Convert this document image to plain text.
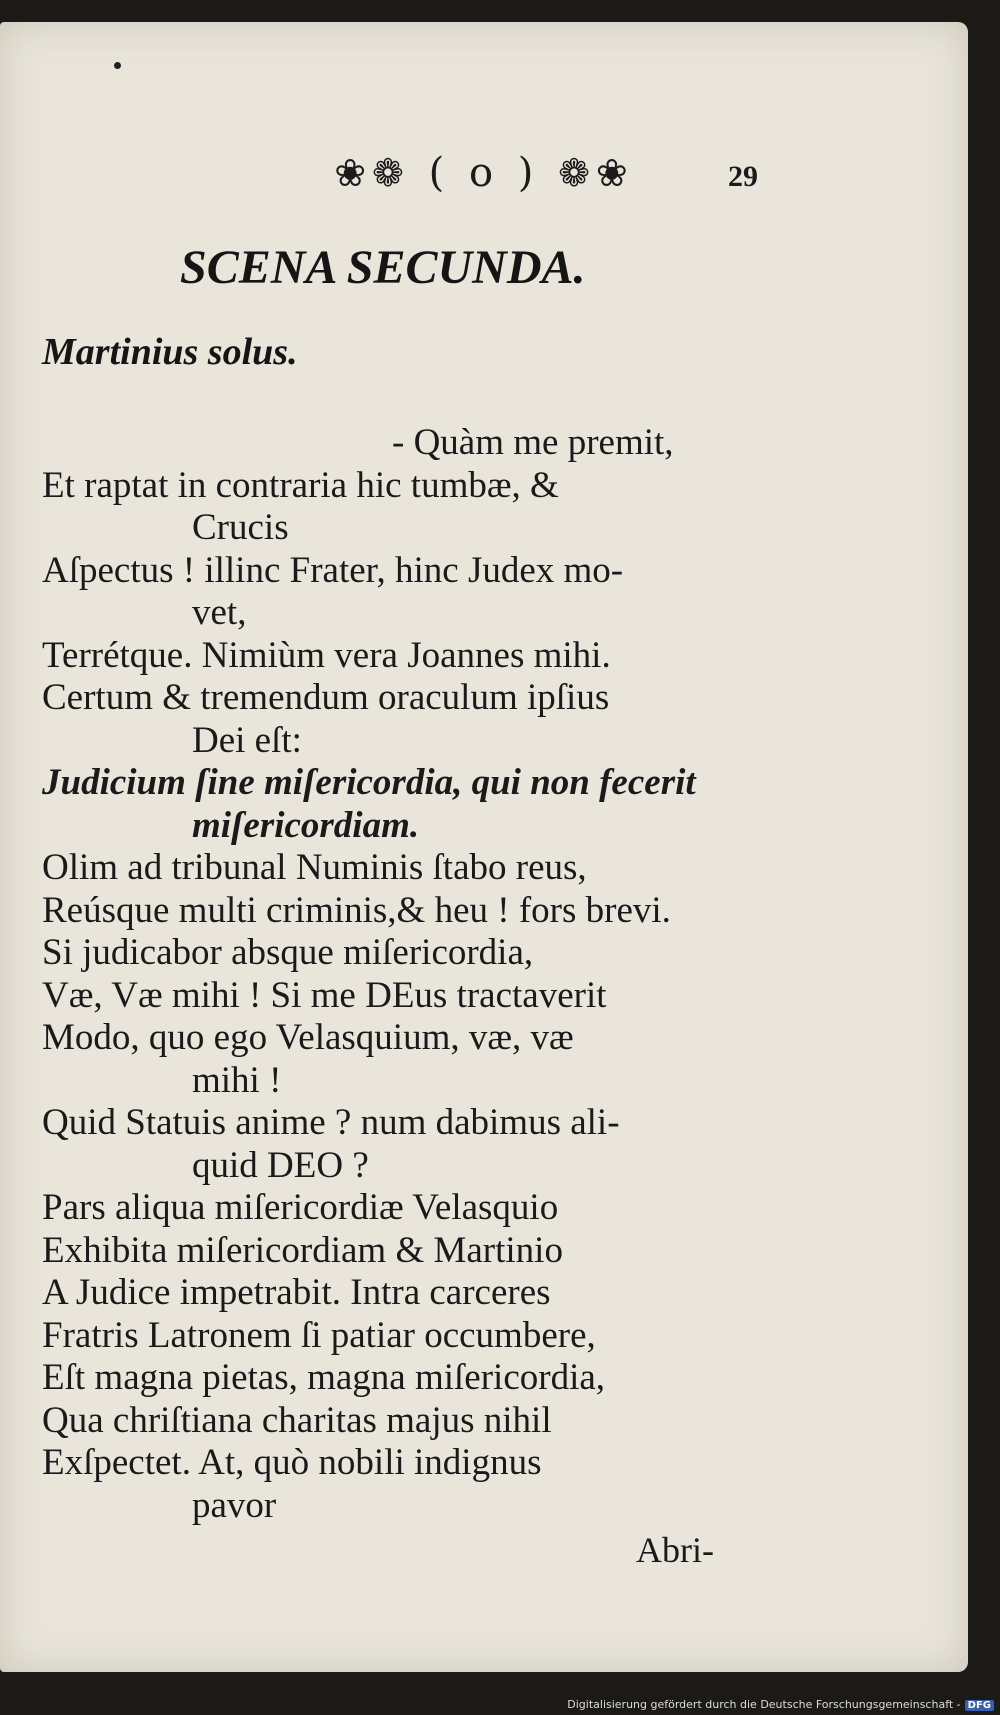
❀❁ ( o ) ❁❀	29
SCENA SECUNDA.
Martinius solus.
- Quàm me premit,
Et raptat in contraria hic tumbæ, &
Crucis
Aſpectus ! illinc Frater, hinc Judex mo-
vet,
Terrétque. Nimiùm vera Joannes mihi.
Certum & tremendum oraculum ipſius
Dei eſt:
Judicium ſine miſericordia, qui non fecerit
miſericordiam.
Olim ad tribunal Numinis ſtabo reus,
Reúsque multi criminis,& heu ! fors brevi.
Si judicabor absque miſericordia,
Væ, Væ mihi ! Si me DEus tractaverit
Modo, quo ego Velasquium, væ, væ
mihi !
Quid Statuis anime ? num dabimus ali-
quid DEO ?
Pars aliqua miſericordiæ Velasquio
Exhibita miſericordiam & Martinio
A Judice impetrabit. Intra carceres
Fratris Latronem ſi patiar occumbere,
Eſt magna pietas, magna miſericordia,
Qua chriſtiana charitas majus nihil
Exſpectet. At, quò nobili indignus
pavor
Abri-
Digitalisierung gefördert durch die Deutsche Forschungsgemeinschaft - DFG
